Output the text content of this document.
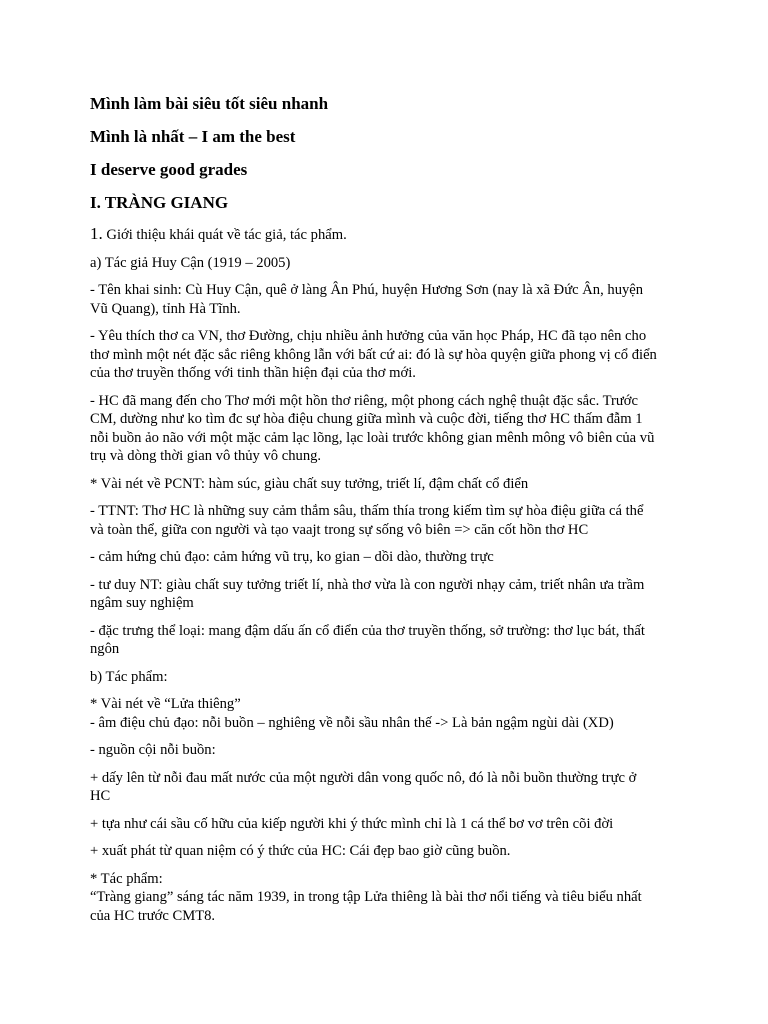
Mình làm bài siêu tốt siêu nhanh
Mình là nhất – I am the best
I deserve good grades
I. TRÀNG GIANG
1. Giới thiệu khái quát về tác giả, tác phẩm.
a) Tác giả Huy Cận (1919 – 2005)
- Tên khai sinh: Cù Huy Cận, quê ở làng Ân Phú, huyện Hương Sơn (nay là xã Đức Ân, huyện
Vũ Quang), tỉnh Hà Tĩnh.
- Yêu thích thơ ca VN, thơ Đường, chịu nhiều ảnh hưởng của văn học Pháp, HC đã tạo nên cho
thơ mình một nét đặc sắc riêng không lẫn với bất cứ ai: đó là sự hòa quyện giữa phong vị cổ điển
của thơ truyền thống với tinh thần hiện đại của thơ mới.
- HC đã mang đến cho Thơ mới một hồn thơ riêng, một phong cách nghệ thuật đặc sắc. Trước
CM, dường như ko tìm đc sự hòa điệu chung giữa mình và cuộc đời, tiếng thơ HC thấm đẫm 1
nỗi buồn ảo não với một mặc cảm lạc lõng, lạc loài trước không gian mênh mông vô biên của vũ
trụ và dòng thời gian vô thủy vô chung.
* Vài nét về PCNT: hàm súc, giàu chất suy tưởng, triết lí, đậm chất cổ điển
- TTNT: Thơ HC là những suy cảm thắm sâu, thấm thía trong kiếm tìm sự hòa điệu giữa cá thể
và toàn thể, giữa con người và tạo vaajt trong sự sống vô biên => căn cốt hồn thơ HC
- cảm hứng chủ đạo: cảm hứng vũ trụ, ko gian – dồi dào, thường trực
- tư duy NT: giàu chất suy tưởng triết lí, nhà thơ vừa là con người nhạy cảm, triết nhân ưa trầm
ngâm suy nghiệm
- đặc trưng thể loại: mang đậm dấu ấn cổ điển của thơ truyền thống, sở trường: thơ lục bát, thất
ngôn
b) Tác phẩm:
* Vài nét về “Lửa thiêng”
- âm điệu chủ đạo: nỗi buồn – nghiêng về nỗi sầu nhân thế -> Là bản ngậm ngùi dài (XD)
- nguồn cội nỗi buồn:
+ dấy lên từ nỗi đau mất nước của một người dân vong quốc nô, đó là nỗi buồn thường trực ở
HC
+ tựa như cái sầu cố hữu của kiếp người khi ý thức mình chỉ là 1 cá thể bơ vơ trên cõi đời
+ xuất phát từ quan niệm có ý thức của HC: Cái đẹp bao giờ cũng buồn.
* Tác phẩm:
“Tràng giang” sáng tác năm 1939, in trong tập Lửa thiêng là bài thơ nổi tiếng và tiêu biểu nhất
của HC trước CMT8.
